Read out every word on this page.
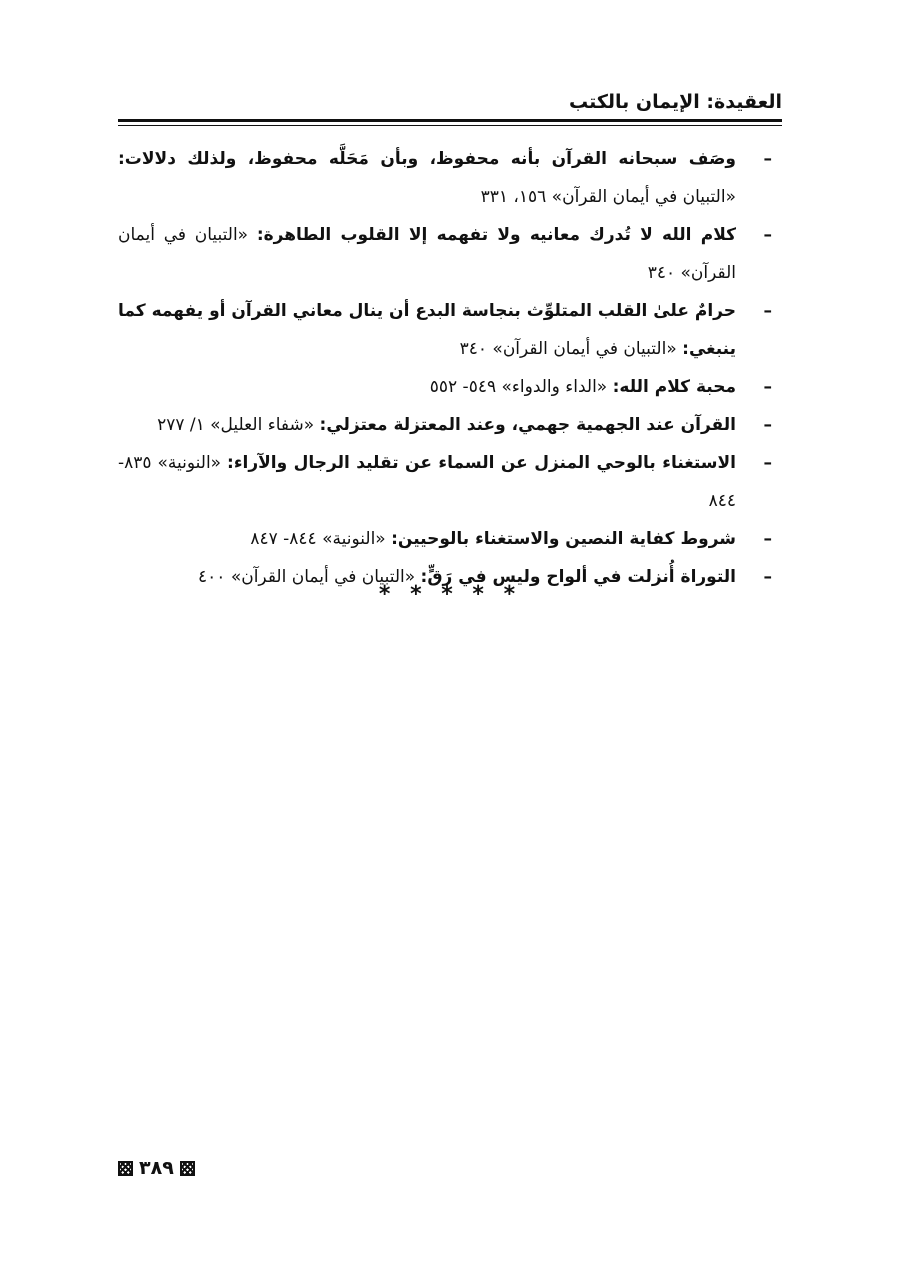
العقيدة: الإيمان بالكتب
–
وصَف سبحانه القرآن بأنه محفوظ، وبأن مَحَلَّه محفوظ، ولذلك دلالات: «التبيان في أيمان القرآن» ١٥٦، ٣٣١
–
كلام الله لا تُدرك معانيه ولا تفهمه إلا القلوب الطاهرة: «التبيان في أيمان القرآن» ٣٤٠
–
حرامٌ علىٰ القلب المتلوِّث بنجاسة البدع أن ينال معاني القرآن أو يفهمه كما ينبغي: «التبيان في أيمان القرآن» ٣٤٠
–
محبة كلام الله: «الداء والدواء» ٥٤٩- ٥٥٢
–
القرآن عند الجهمية جهمي، وعند المعتزلة معتزلي: «شفاء العليل» ١/ ٢٧٧
–
الاستغناء بالوحي المنزل عن السماء عن تقليد الرجال والآراء: «النونية» ٨٣٥- ٨٤٤
–
شروط كفاية النصين والاستغناء بالوحيين: «النونية» ٨٤٤- ٨٤٧
–
التوراة أُنزلت في ألواح وليس في رَقٍّ: «التبيان في أيمان القرآن» ٤٠٠
* * * * *
٣٨٩
